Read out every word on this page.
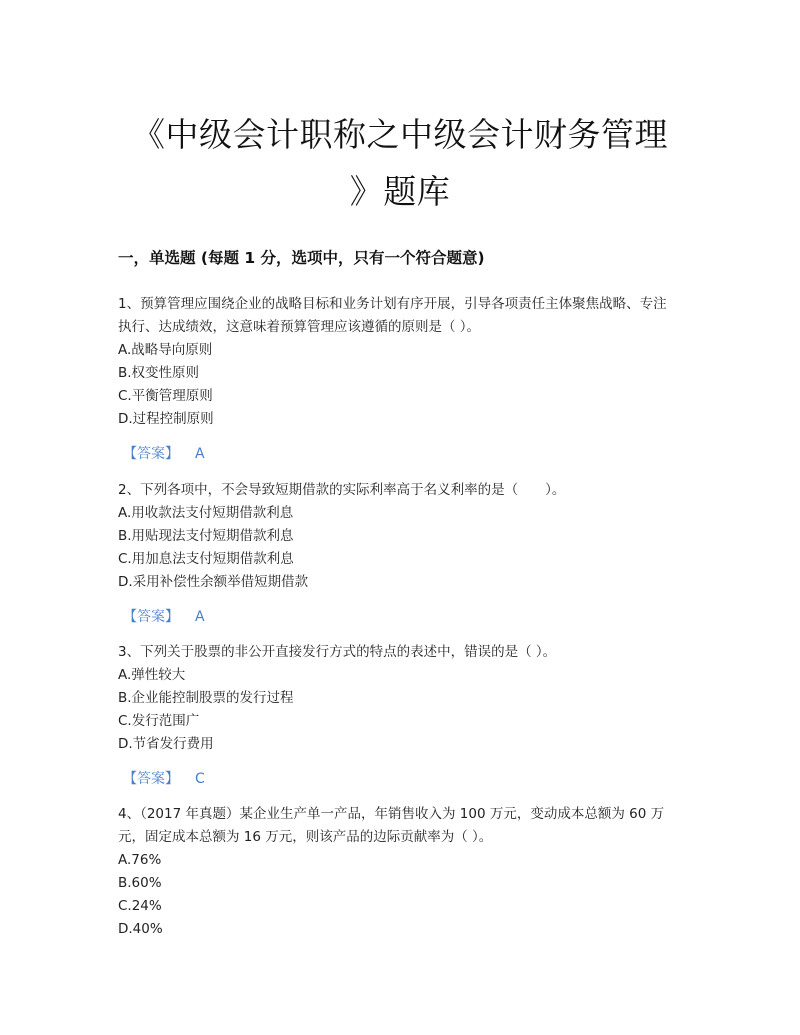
《中级会计职称之中级会计财务管理
》题库
一，单选题 (每题 1 分，选项中，只有一个符合题意)

1、预算管理应围绕企业的战略目标和业务计划有序开展，引导各项责任主体聚焦战略、专注执行、达成绩效，这意味着预算管理应该遵循的原则是（ ）。

A.战略导向原则

B.权变性原则

C.平衡管理原则

D.过程控制原则

【答案】 A

2、下列各项中，不会导致短期借款的实际利率高于名义利率的是（　　）。

A.用收款法支付短期借款利息

B.用贴现法支付短期借款利息

C.用加息法支付短期借款利息

D.采用补偿性余额举借短期借款

【答案】 A

3、下列关于股票的非公开直接发行方式的特点的表述中，错误的是（ ）。

A.弹性较大

B.企业能控制股票的发行过程

C.发行范围广

D.节省发行费用

【答案】 C

4、（2017 年真题）某企业生产单一产品，年销售收入为 100 万元，变动成本总额为 60 万元，固定成本总额为 16 万元，则该产品的边际贡献率为（ ）。

A.76%

B.60%

C.24%

D.40%
